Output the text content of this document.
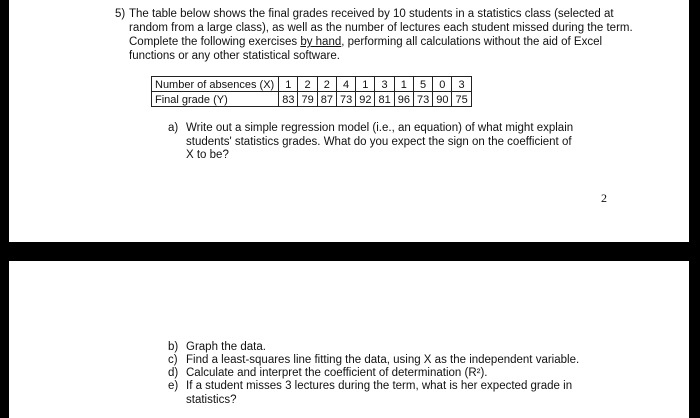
5) The table below shows the final grades received by 10 students in a statistics class (selected at random from a large class), as well as the number of lectures each student missed during the term. Complete the following exercises by hand, performing all calculations without the aid of Excel functions or any other statistical software.
Number of absences (X)	1	2	2	4	1	3	1	5	0	3
Final grade (Y)	83	79	87	73	92	81	96	73	90	75
a) Write out a simple regression model (i.e., an equation) of what might explain
students' statistics grades. What do you expect the sign on the coefficient of
X to be?
2
b) Graph the data.
c) Find a least-squares line fitting the data, using X as the independent variable.
d) Calculate and interpret the coefficient of determination (R²).
e) If a student misses 3 lectures during the term, what is her expected grade in
statistics?
